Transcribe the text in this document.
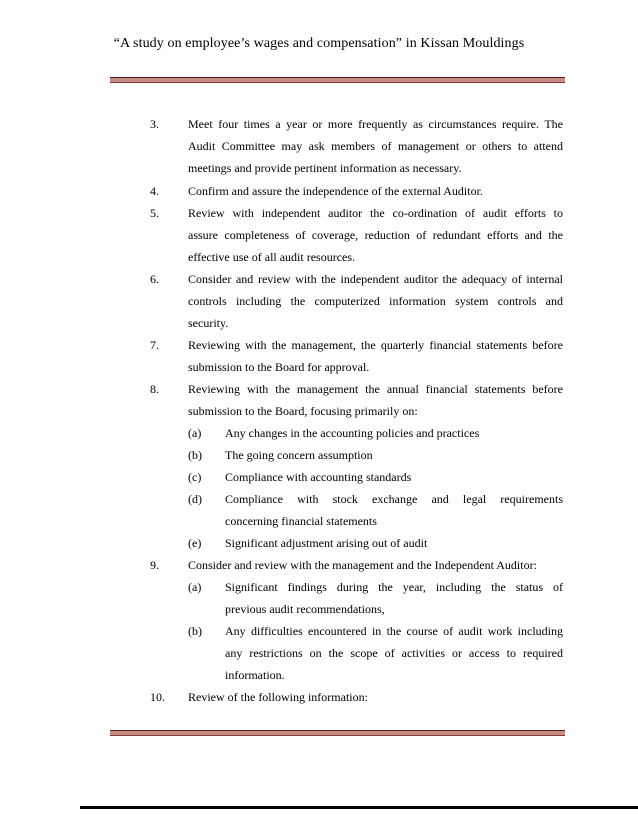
“A study on employee’s wages and compensation” in Kissan Mouldings
3.	Meet four times a year or more frequently as circumstances require. The
Audit Committee may ask members of management or others to attend
meetings and provide pertinent information as necessary.
4.	Confirm and assure the independence of the external Auditor.
5.	Review with independent auditor the co-ordination of audit efforts to
assure completeness of coverage, reduction of redundant efforts and the
effective use of all audit resources.
6.	Consider and review with the independent auditor the adequacy of internal
controls including the computerized information system controls and
security.
7.	Reviewing with the management, the quarterly financial statements before
submission to the Board for approval.
8.	Reviewing with the management the annual financial statements before
submission to the Board, focusing primarily on:
(a)	Any changes in the accounting policies and practices
(b)	The going concern assumption
(c)	Compliance with accounting standards
(d)	Compliance with stock exchange and legal requirements
concerning financial statements
(e)	Significant adjustment arising out of audit
9.	Consider and review with the management and the Independent Auditor:
(a)	Significant findings during the year, including the status of
previous audit recommendations,
(b)	Any difficulties encountered in the course of audit work including
any restrictions on the scope of activities or access to required
information.
10.	Review of the following information:
